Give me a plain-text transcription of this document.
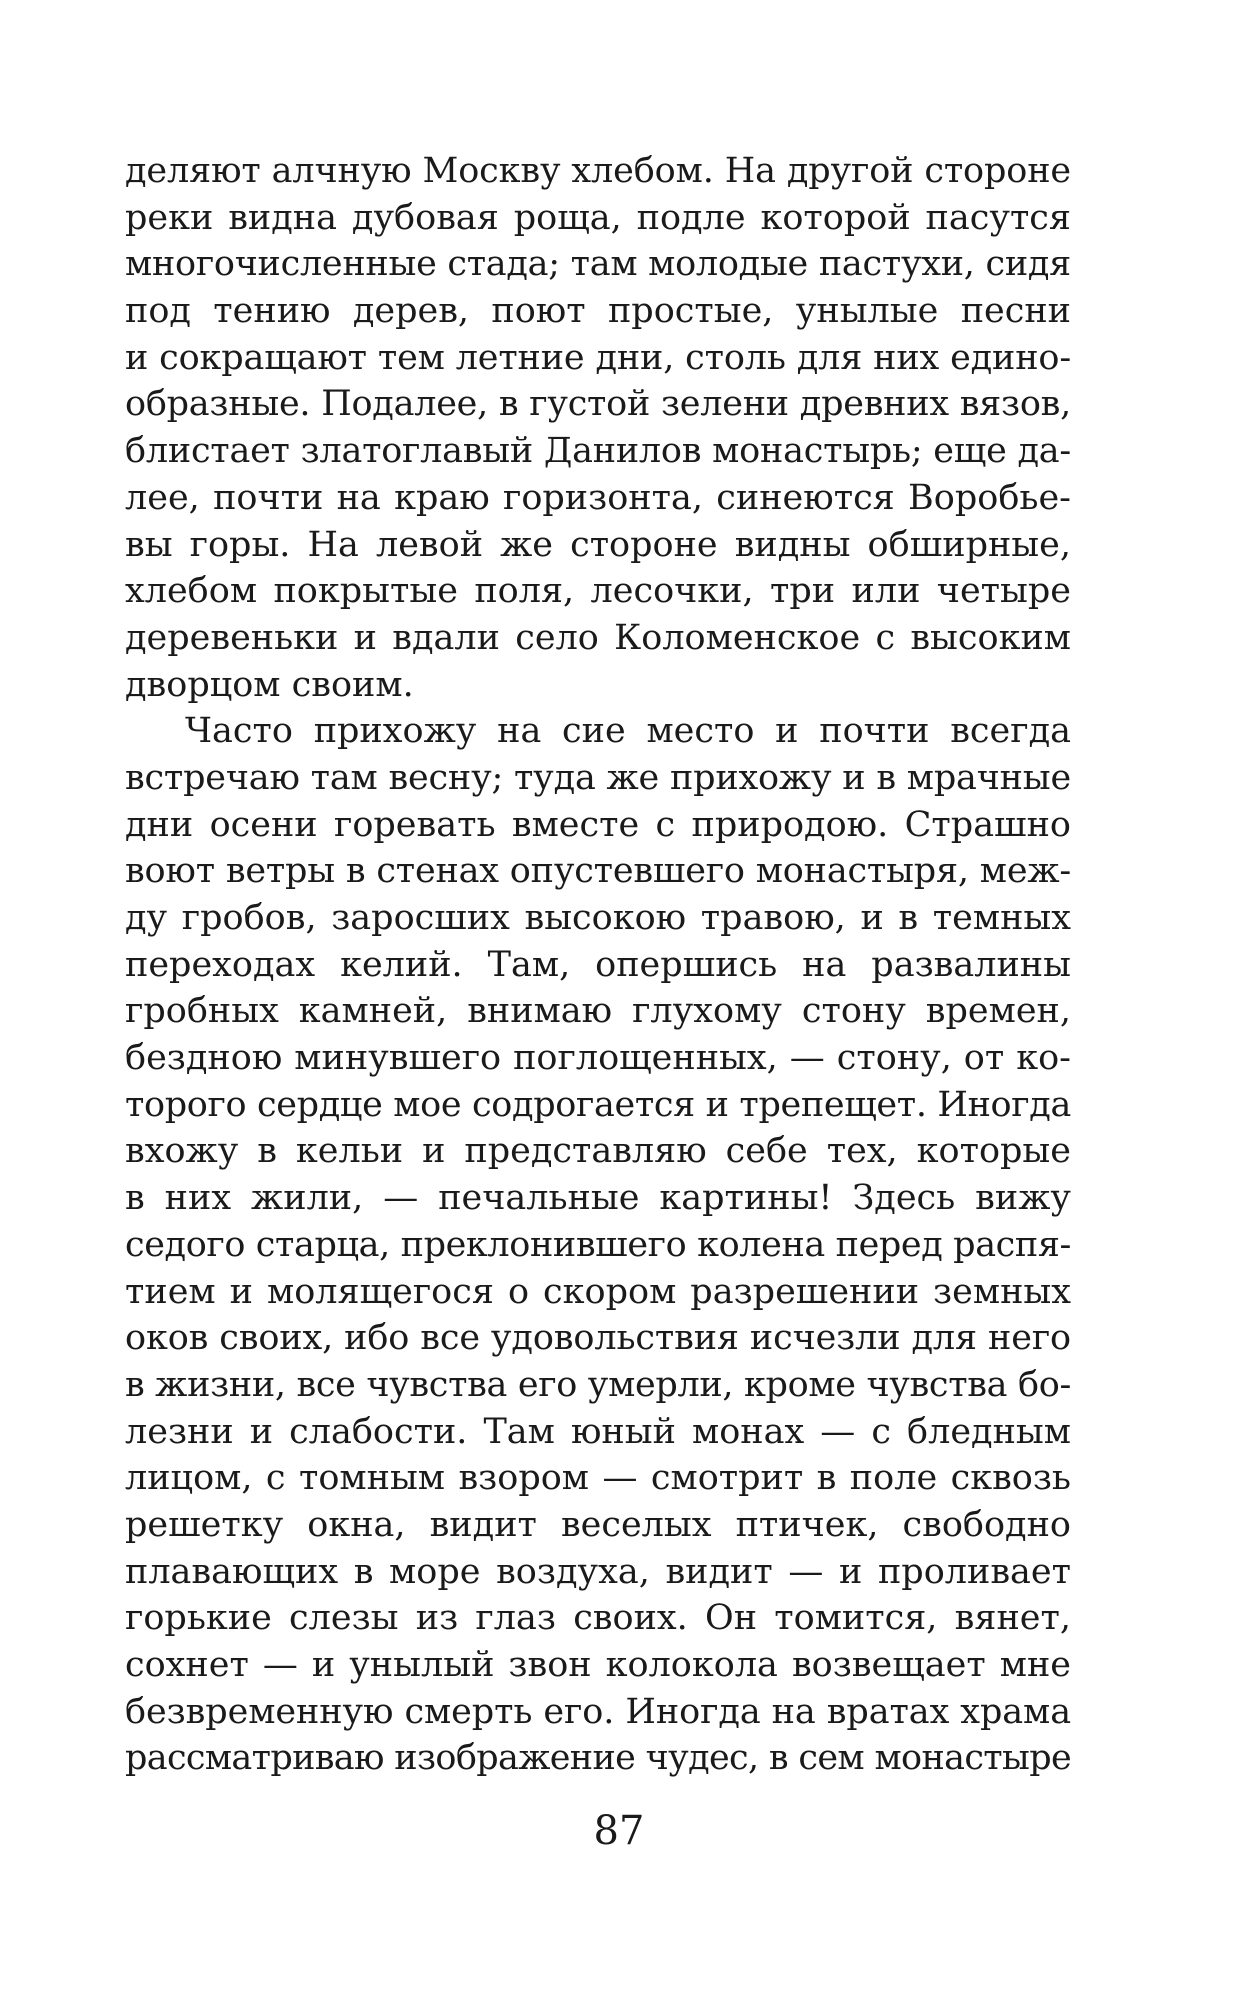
деляют алчную Москву хлебом. На другой стороне
реки видна дубовая роща, подле которой пасутся
многочисленные стада; там молодые пастухи, сидя
под тению дерев, поют простые, унылые песни
и сокращают тем летние дни, столь для них едино-
образные. Подалее, в густой зелени древних вязов,
блистает златоглавый Данилов монастырь; еще да-
лее, почти на краю горизонта, синеются Воробье-
вы горы. На левой же стороне видны обширные,
хлебом покрытые поля, лесочки, три или четыре
деревеньки и вдали село Коломенское с высоким
дворцом своим.
Часто прихожу на сие место и почти всегда
встречаю там весну; туда же прихожу и в мрачные
дни осени горевать вместе с природою. Страшно
воют ветры в стенах опустевшего монастыря, меж-
ду гробов, заросших высокою травою, и в темных
переходах келий. Там, опершись на развалины
гробных камней, внимаю глухому стону времен,
бездною минувшего поглощенных, — стону, от ко-
торого сердце мое содрогается и трепещет. Иногда
вхожу в кельи и представляю себе тех, которые
в них жили, — печальные картины! Здесь вижу
седого старца, преклонившего колена перед распя-
тием и молящегося о скором разрешении земных
оков своих, ибо все удовольствия исчезли для него
в жизни, все чувства его умерли, кроме чувства бо-
лезни и слабости. Там юный монах — с бледным
лицом, с томным взором — смотрит в поле сквозь
решетку окна, видит веселых птичек, свободно
плавающих в море воздуха, видит — и проливает
горькие слезы из глаз своих. Он томится, вянет,
сохнет — и унылый звон колокола возвещает мне
безвременную смерть его. Иногда на вратах храма
рассматриваю изображение чудес, в сем монастыре
87
